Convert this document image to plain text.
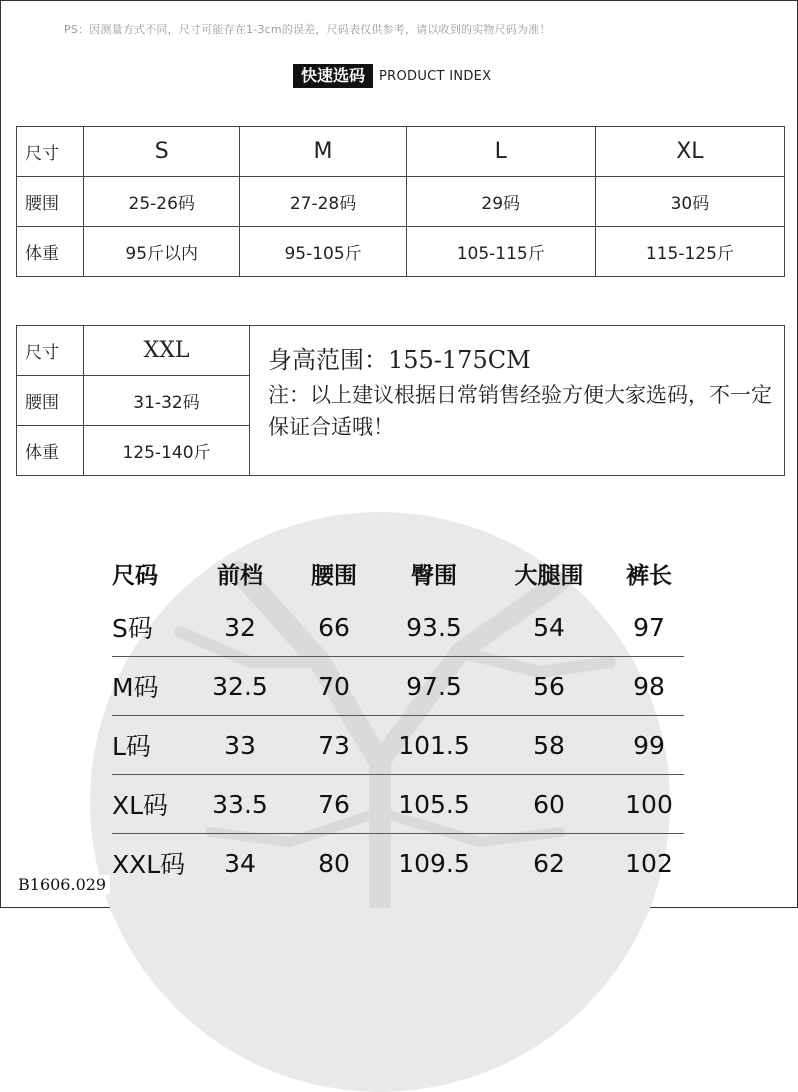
PS：因测量方式不同，尺寸可能存在1-3cm的误差，尺码表仅供参考，请以收到的实物尺码为准！
快速选码	PRODUCT INDEX
尺寸	S	M	L	XL
腰围	25-26码	27-28码	29码	30码
体重	95斤以内	95-105斤	105-115斤	115-125斤
尺寸	XXL	身高范围：155-175CM
注：以上建议根据日常销售经验方便大家选码，不一定保证合适哦！

腰围	31-32码	
体重	125-140斤	
尺码	前档	腰围	臀围	大腿围	裤长
S码	32	66	93.5	54	97
M码	32.5	70	97.5	56	98
L码	33	73	101.5	58	99
XL码	33.5	76	105.5	60	100
XXL码	34	80	109.5	62	102
B1606.029
